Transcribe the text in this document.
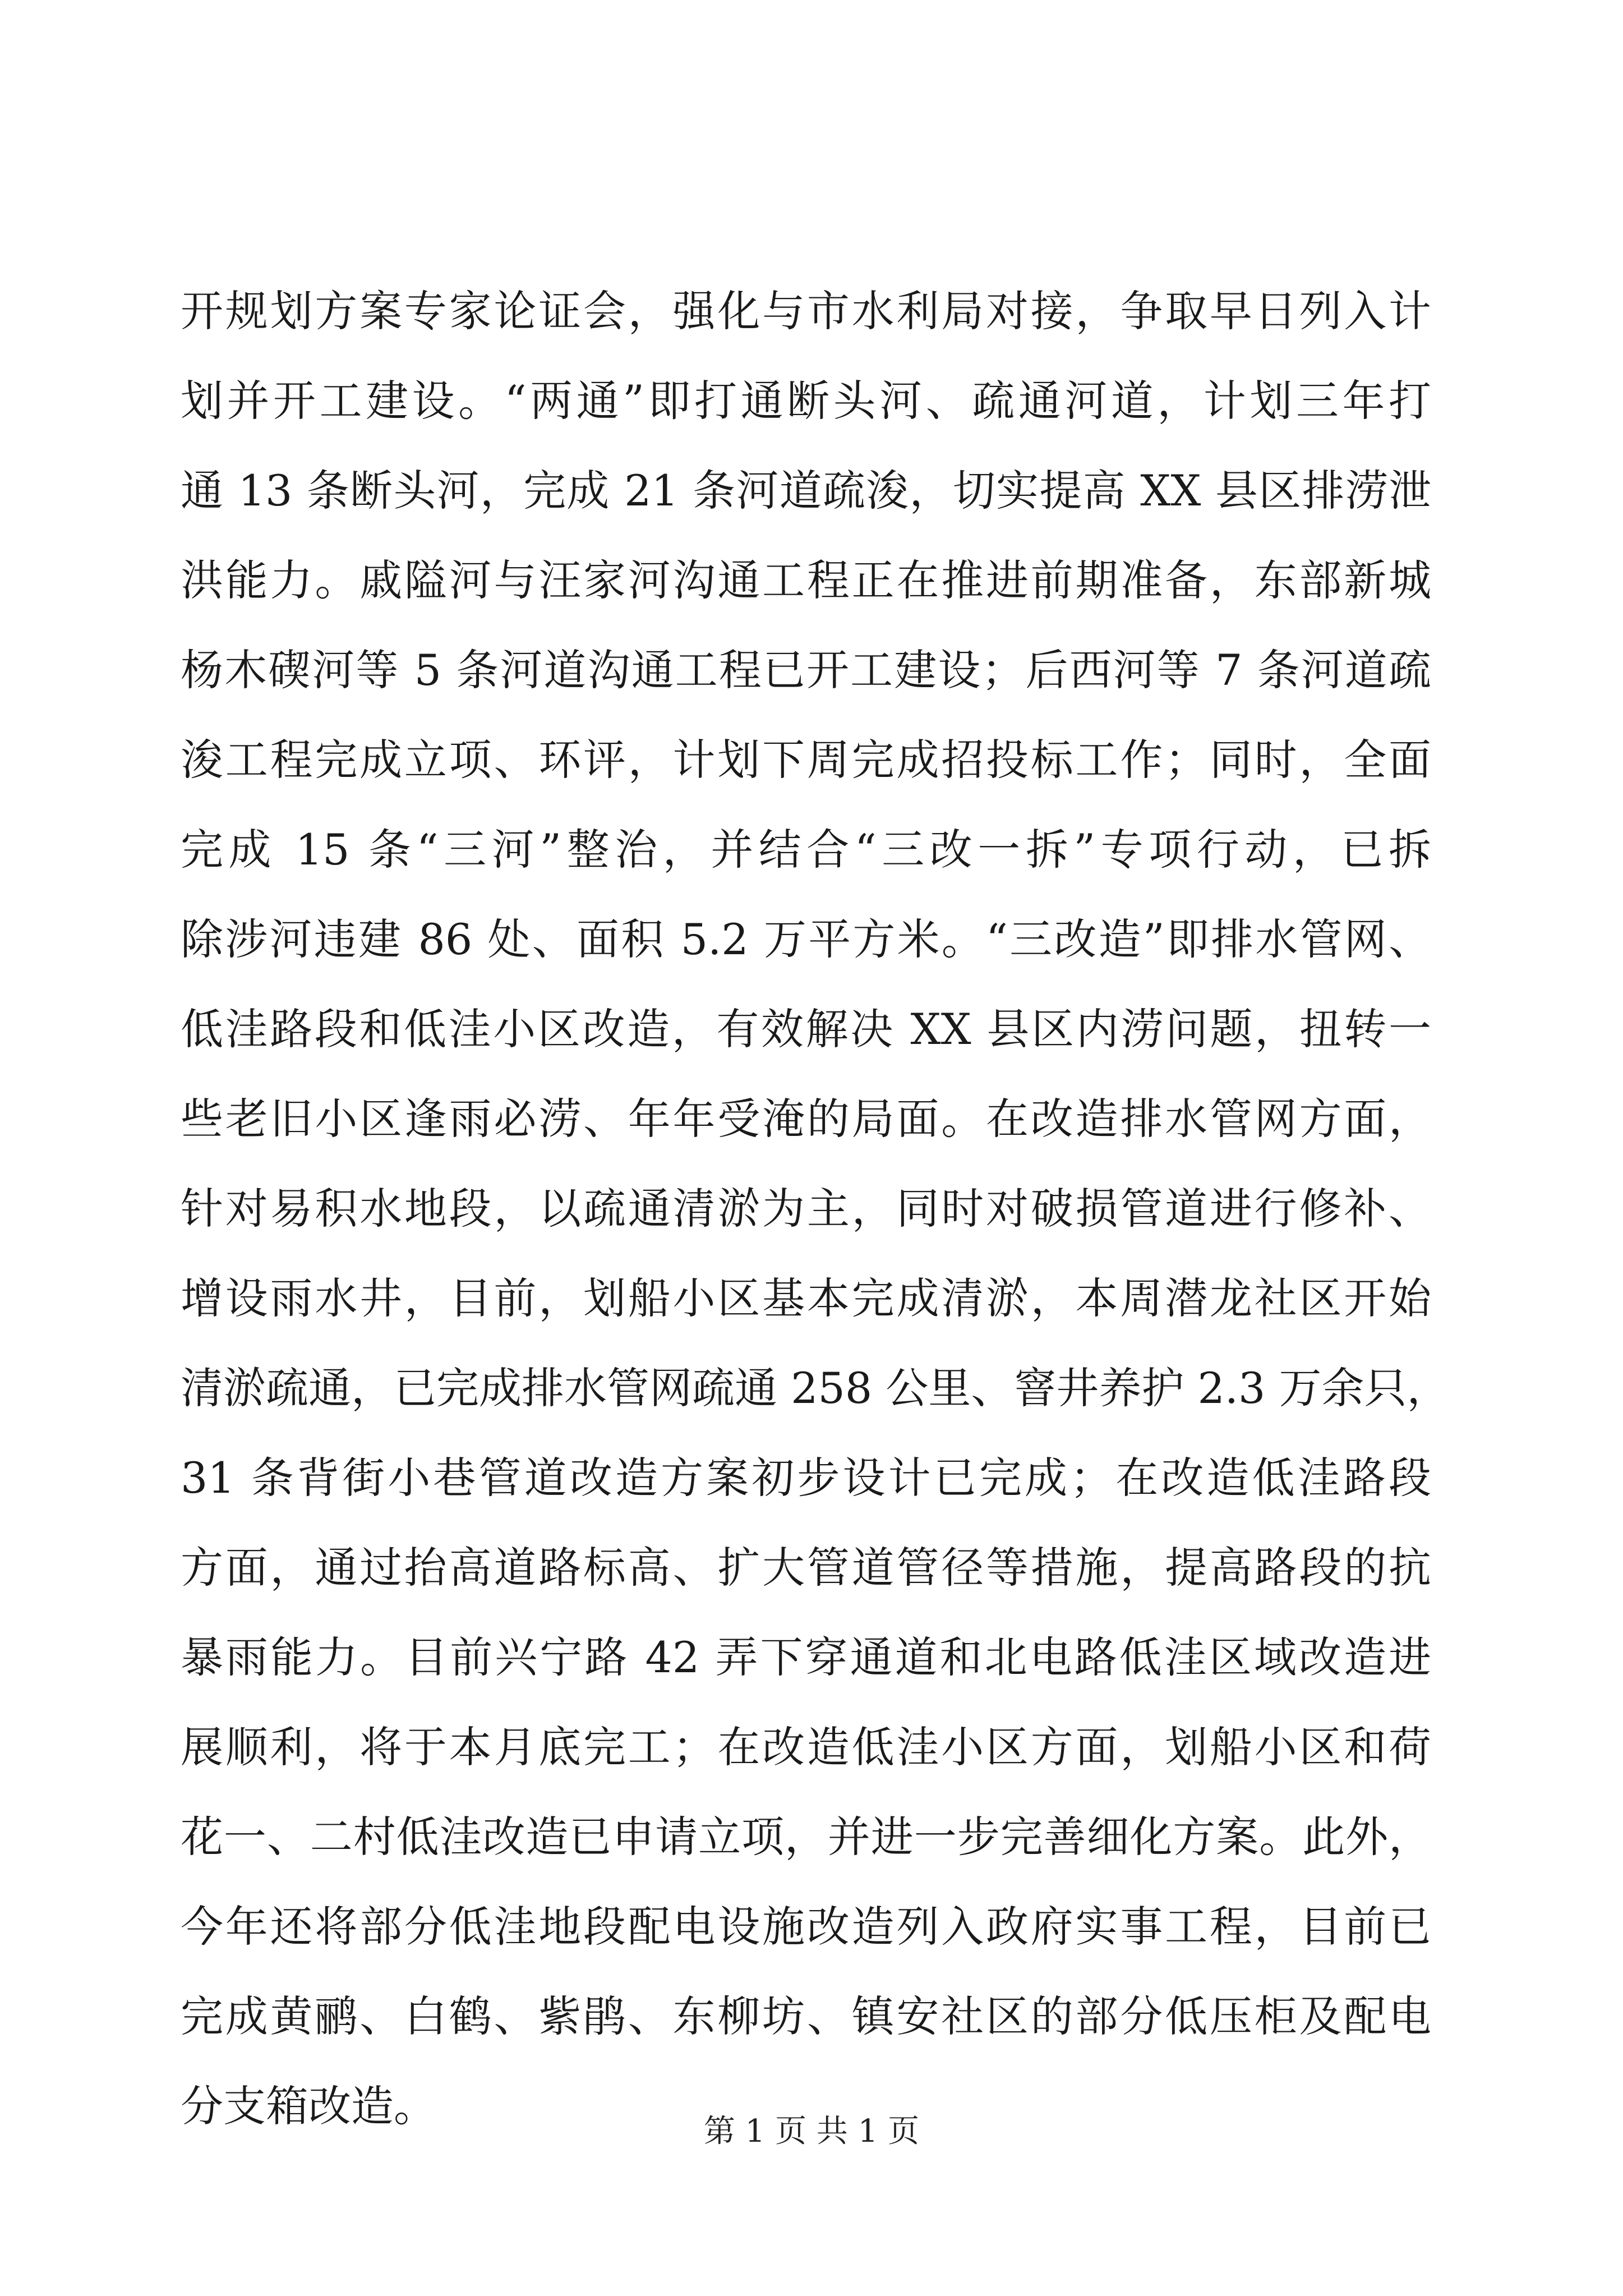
开规划方案专家论证会，强化与市水利局对接，争取早日列入计
划并开工建设。“两通”即打通断头河、疏通河道，计划三年打
通 13 条断头河，完成 21 条河道疏浚，切实提高 XX 县区排涝泄
洪能力。戚隘河与汪家河沟通工程正在推进前期准备，东部新城
杨木碶河等 5 条河道沟通工程已开工建设；后西河等 7 条河道疏
浚工程完成立项、环评，计划下周完成招投标工作；同时，全面
完成 15 条“三河”整治，并结合“三改一拆”专项行动，已拆
除涉河违建 86 处、面积 5.2 万平方米。“三改造”即排水管网、
低洼路段和低洼小区改造，有效解决 XX 县区内涝问题，扭转一
些老旧小区逢雨必涝、年年受淹的局面。在改造排水管网方面，
针对易积水地段，以疏通清淤为主，同时对破损管道进行修补、
增设雨水井，目前，划船小区基本完成清淤，本周潜龙社区开始
清淤疏通，已完成排水管网疏通 258 公里、窨井养护 2.3 万余只，
31 条背街小巷管道改造方案初步设计已完成；在改造低洼路段
方面，通过抬高道路标高、扩大管道管径等措施，提高路段的抗
暴雨能力。目前兴宁路 42 弄下穿通道和北电路低洼区域改造进
展顺利，将于本月底完工；在改造低洼小区方面，划船小区和荷
花一、二村低洼改造已申请立项，并进一步完善细化方案。此外，
今年还将部分低洼地段配电设施改造列入政府实事工程，目前已
完成黄鹂、白鹤、紫鹃、东柳坊、镇安社区的部分低压柜及配电
分支箱改造。
第 1 页 共 1 页
